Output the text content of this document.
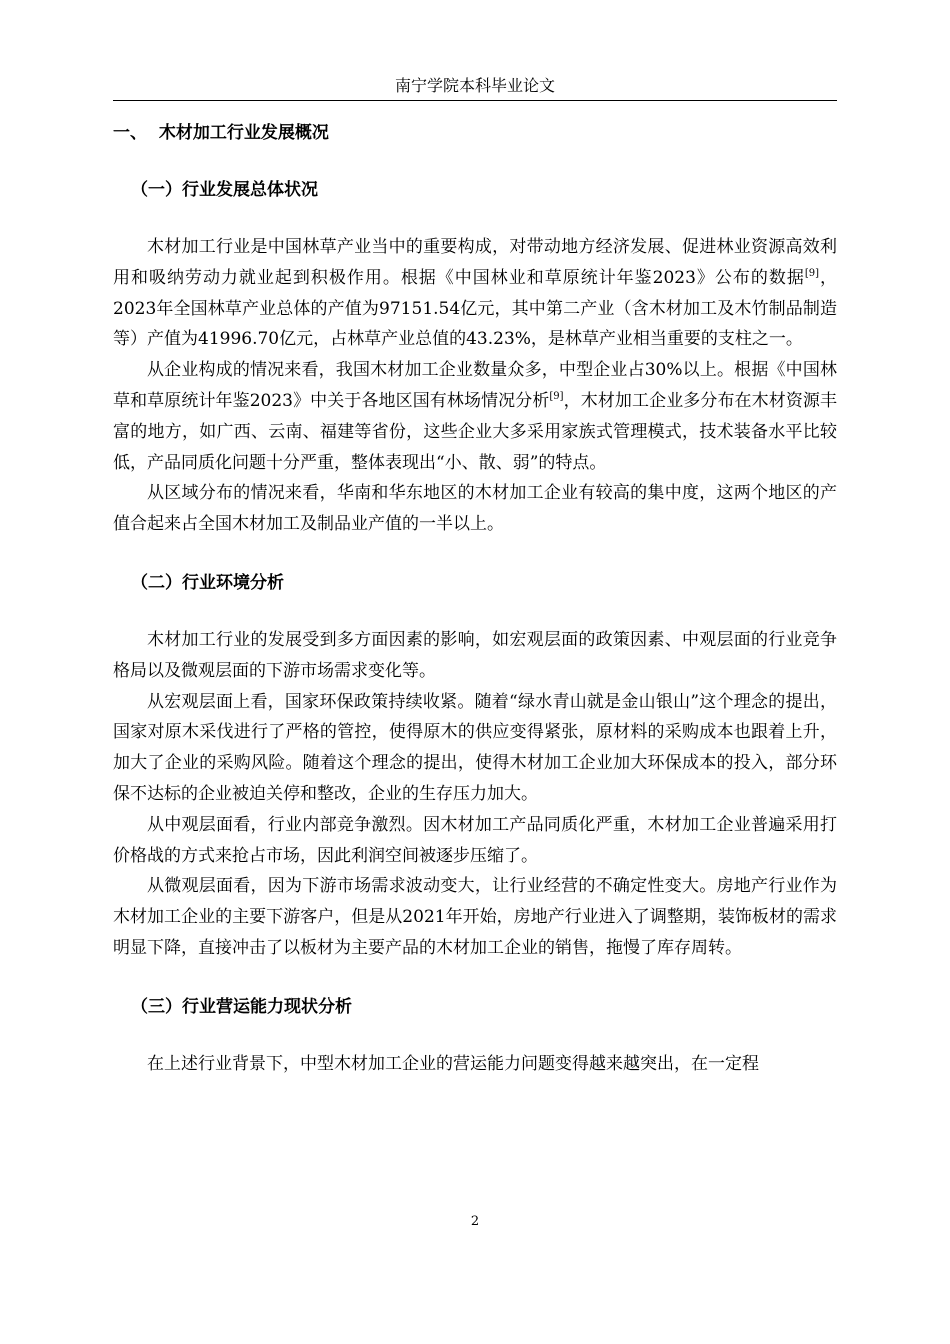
南宁学院本科毕业论文
一、  木材加工行业发展概况
（一）行业发展总体状况

木材加工行业是中国林草产业当中的重要构成，对带动地方经济发展、促进林业资源高效利用和吸纳劳动力就业起到积极作用。根据《中国林业和草原统计年鉴2023》公布的数据[9]，2023年全国林草产业总体的产值为97151.54亿元，其中第二产业（含木材加工及木竹制品制造等）产值为41996.70亿元，占林草产业总值的43.23%，是林草产业相当重要的支柱之一。

从企业构成的情况来看，我国木材加工企业数量众多，中型企业占30%以上。根据《中国林草和草原统计年鉴2023》中关于各地区国有林场情况分析[9]，木材加工企业多分布在木材资源丰富的地方，如广西、云南、福建等省份，这些企业大多采用家族式管理模式，技术装备水平比较低，产品同质化问题十分严重，整体表现出“小、散、弱”的特点。

从区域分布的情况来看，华南和华东地区的木材加工企业有较高的集中度，这两个地区的产值合起来占全国木材加工及制品业产值的一半以上。

（二）行业环境分析

木材加工行业的发展受到多方面因素的影响，如宏观层面的政策因素、中观层面的行业竞争格局以及微观层面的下游市场需求变化等。

从宏观层面上看，国家环保政策持续收紧。随着“绿水青山就是金山银山”这个理念的提出，国家对原木采伐进行了严格的管控，使得原木的供应变得紧张，原材料的采购成本也跟着上升，加大了企业的采购风险。随着这个理念的提出，使得木材加工企业加大环保成本的投入，部分环保不达标的企业被迫关停和整改，企业的生存压力加大。

从中观层面看，行业内部竞争激烈。因木材加工产品同质化严重，木材加工企业普遍采用打价格战的方式来抢占市场，因此利润空间被逐步压缩了。

从微观层面看，因为下游市场需求波动变大，让行业经营的不确定性变大。房地产行业作为木材加工企业的主要下游客户，但是从2021年开始，房地产行业进入了调整期，装饰板材的需求明显下降，直接冲击了以板材为主要产品的木材加工企业的销售，拖慢了库存周转。

（三）行业营运能力现状分析

在上述行业背景下，中型木材加工企业的营运能力问题变得越来越突出，在一定程

2
